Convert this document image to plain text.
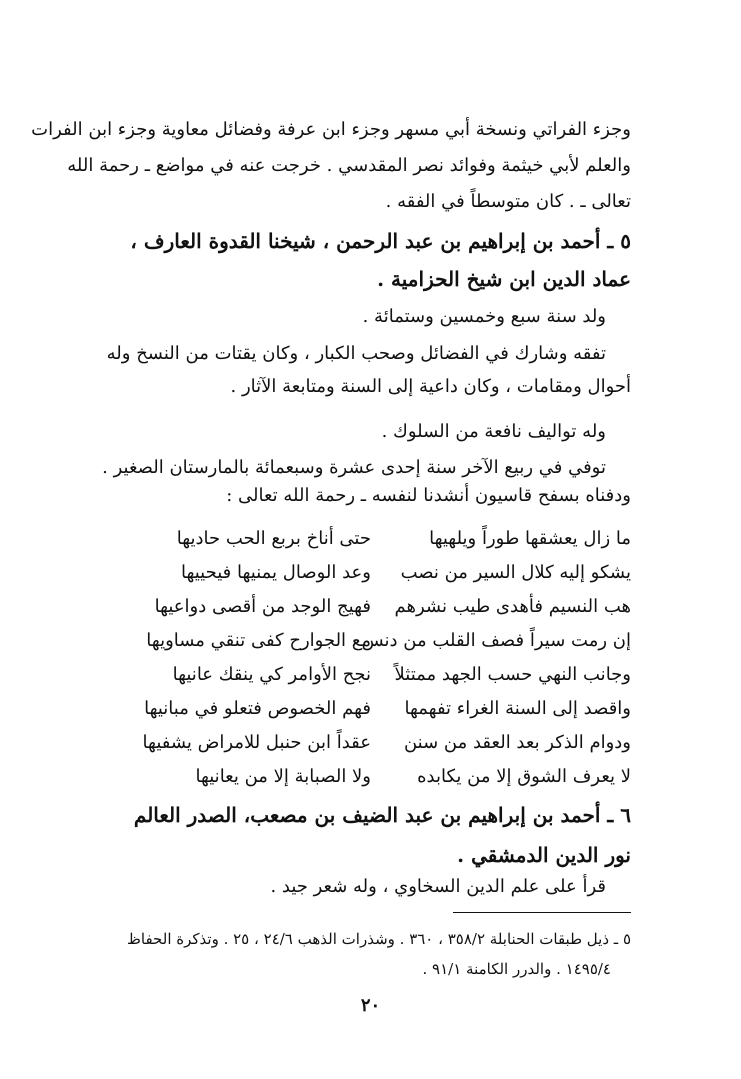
وجزء الفراتي ونسخة أبي مسهر وجزء ابن عرفة وفضائل معاوية وجزء ابن الفرات
والعلم لأبي خيثمة وفوائد نصر المقدسي . خرجت عنه في مواضع ـ رحمة الله
تعالى ـ . كان متوسطاً في الفقه .
٥ ـ أحمد بن إبراهيم بن عبد الرحمن ، شيخنا القدوة العارف ،
عماد الدين ابن شيخ الحزامية .
ولد سنة سبع وخمسين وستمائة .
تفقه وشارك في الفضائل وصحب الكبار ، وكان يقتات من النسخ وله
أحوال ومقامات ، وكان داعية إلى السنة ومتابعة الآثار .
وله تواليف نافعة من السلوك .
توفي في ربيع الآخر سنة إحدى عشرة وسبعمائة بالمارستان الصغير .
ودفناه بسفح قاسيون أنشدنا لنفسه ـ رحمة الله تعالى :
ما زال يعشقها طوراً ويلهيها
حتى أناخ بربع الحب حاديها
يشكو إليه كلال السير من نصب
وعد الوصال يمنيها فيحييها
هب النسيم فأهدى طيب نشرهم
فهيج الوجد من أقصى دواعيها
إن رمت سيراً فصف القلب من دنس
مع الجوارح كفى تنقي مساويها
وجانب النهي حسب الجهد ممتثلاً
نجح الأوامر كي ينقك عانيها
واقصد إلى السنة الغراء تفهمها
فهم الخصوص فتعلو في مبانيها
ودوام الذكر بعد العقد من سنن
عقداً ابن حنبل للامراض يشفيها
لا يعرف الشوق إلا من يكابده
ولا الصبابة إلا من يعانيها
٦ ـ أحمد بن إبراهيم بن عبد الضيف بن مصعب، الصدر العالم
نور الدين الدمشقي .
قرأ على علم الدين السخاوي ، وله شعر جيد .
٥ ـ ذيل طبقات الحنابلة ٣٥٨/٢ ، ٣٦٠ . وشذرات الذهب ٢٤/٦ ، ٢٥ . وتذكرة الحفاظ
١٤٩٥/٤ . والدرر الكامنة ٩١/١ .
٢٠
